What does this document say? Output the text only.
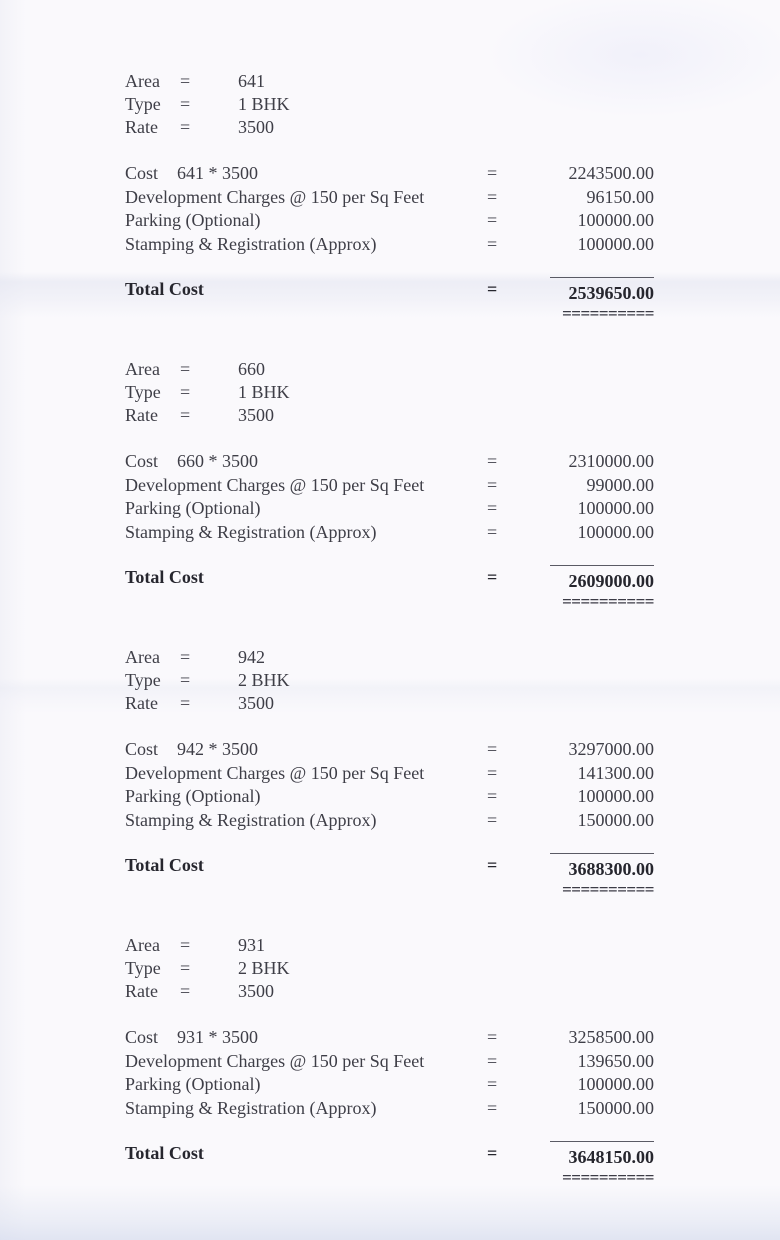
Area	=	641
Type	=	1 BHK
Rate	=	3500
Cost 641 * 3500	=	2243500.00
Development Charges @ 150 per Sq Feet	=	96150.00
Parking (Optional)	=	100000.00
Stamping & Registration (Approx)	=	100000.00
Total Cost	=	2539650.00
==========
Area	=	660
Type	=	1 BHK
Rate	=	3500
Cost 660 * 3500	=	2310000.00
Development Charges @ 150 per Sq Feet	=	99000.00
Parking (Optional)	=	100000.00
Stamping & Registration (Approx)	=	100000.00
Total Cost	=	2609000.00
==========
Area	=	942
Type	=	2 BHK
Rate	=	3500
Cost 942 * 3500	=	3297000.00
Development Charges @ 150 per Sq Feet	=	141300.00
Parking (Optional)	=	100000.00
Stamping & Registration (Approx)	=	150000.00
Total Cost	=	3688300.00
==========
Area	=	931
Type	=	2 BHK
Rate	=	3500
Cost 931 * 3500	=	3258500.00
Development Charges @ 150 per Sq Feet	=	139650.00
Parking (Optional)	=	100000.00
Stamping & Registration (Approx)	=	150000.00
Total Cost	=	3648150.00
==========
